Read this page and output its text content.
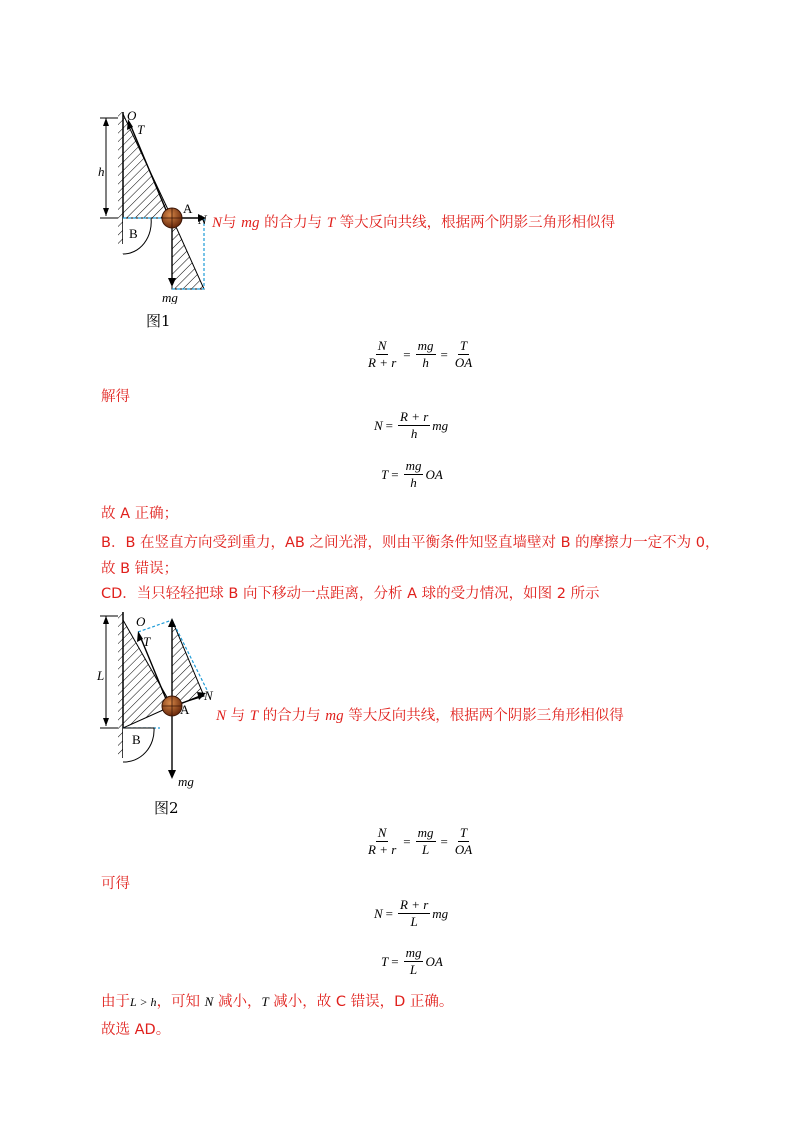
O
T
h
A
B
N
mg
N与 mg 的合力与 T 等大反向共线，根据两个阴影三角形相似得
图1
$\frac{N}{R + r} = \frac{mg}{h} = \frac{T}{OA}$
解得
$N = \frac{R + r}{h}$ mg
$T = \frac{mg}{h}$ OA
故 A 正确；
B．B 在竖直方向受到重力，AB 之间光滑，则由平衡条件知竖直墙壁对 B 的摩擦力一定不为 0，
故 B 错误；
CD．当只轻轻把球 B 向下移动一点距离，分析 A 球的受力情况，如图 2 所示
O
T
L
A
B
N
mg
N 与 T 的合力与 mg 等大反向共线，根据两个阴影三角形相似得
图2
$\frac{N}{R + r} = \frac{mg}{L} = \frac{T}{OA}$
可得
$N = \frac{R + r}{L}$ mg
$T = \frac{mg}{L}$ OA
由于L > h，可知 N 减小，T 减小，故 C 错误，D 正确。
故选 AD。
